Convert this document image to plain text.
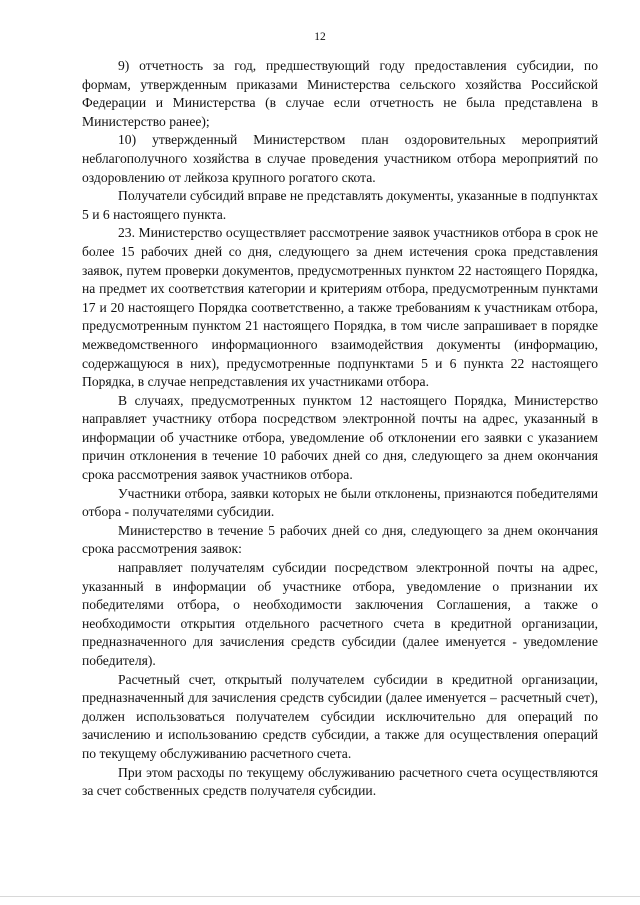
12

9) отчетность за год, предшествующий году предоставления субсидии, по формам, утвержденным приказами Министерства сельского хозяйства Российской Федерации и Министерства (в случае если отчетность не была представлена в Министерство ранее);

10) утвержденный Министерством план оздоровительных мероприятий неблагополучного хозяйства в случае проведения участником отбора мероприятий по оздоровлению от лейкоза крупного рогатого скота.

Получатели субсидий вправе не представлять документы, указанные в подпунктах 5 и 6 настоящего пункта.

23. Министерство осуществляет рассмотрение заявок участников отбора в срок не более 15 рабочих дней со дня, следующего за днем истечения срока представления заявок, путем проверки документов, предусмотренных пунктом 22 настоящего Порядка, на предмет их соответствия категории и критериям отбора, предусмотренным пунктами 17 и 20 настоящего Порядка соответственно, а также требованиям к участникам отбора, предусмотренным пунктом 21 настоящего Порядка, в том числе запрашивает в порядке межведомственного информационного взаимодействия документы (информацию, содержащуюся в них), предусмотренные подпунктами 5 и 6 пункта 22 настоящего Порядка, в случае непредставления их участниками отбора.

В случаях, предусмотренных пунктом 12 настоящего Порядка, Министерство направляет участнику отбора посредством электронной почты на адрес, указанный в информации об участнике отбора, уведомление об отклонении его заявки с указанием причин отклонения в течение 10 рабочих дней со дня, следующего за днем окончания срока рассмотрения заявок участников отбора.

Участники отбора, заявки которых не были отклонены, признаются победителями отбора - получателями субсидии.

Министерство в течение 5 рабочих дней со дня, следующего за днем окончания срока рассмотрения заявок:

направляет получателям субсидии посредством электронной почты на адрес, указанный в информации об участнике отбора, уведомление о признании их победителями отбора, о необходимости заключения Соглашения, а также о необходимости открытия отдельного расчетного счета в кредитной организации, предназначенного для зачисления средств субсидии (далее именуется - уведомление победителя).

Расчетный счет, открытый получателем субсидии в кредитной организации, предназначенный для зачисления средств субсидии (далее именуется – расчетный счет), должен использоваться получателем субсидии исключительно для операций по зачислению и использованию средств субсидии, а также для осуществления операций по текущему обслуживанию расчетного счета.

При этом расходы по текущему обслуживанию расчетного счета осуществляются за счет собственных средств получателя субсидии.
